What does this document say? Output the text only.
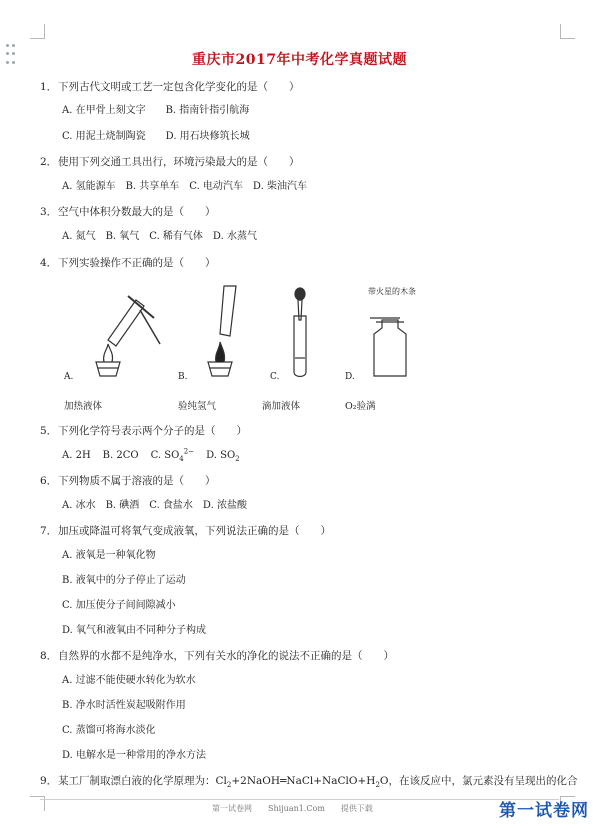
重庆市2017年中考化学真题试题
1．下列古代文明或工艺一定包含化学变化的是（　　）
A. 在甲骨上刻文字　　B. 指南针指引航海
C. 用泥土烧制陶瓷　　D. 用石块修筑长城
2．使用下列交通工具出行，环境污染最大的是（　　）
A. 氢能源车　B. 共享单车　C. 电动汽车　D. 柴油汽车
3．空气中体积分数最大的是（　　）
A. 氮气　B. 氧气　C. 稀有气体　D. 水蒸气
4．下列实验操作不正确的是（　　）
带火星的木条
A.	B.	C.	D.
加热液体	验纯氢气	滴加液体	O₂验满
5．下列化学符号表示两个分子的是（　　）
A. 2H B. 2CO C. $SO_4^{2-}$ D. $SO_2$
6．下列物质不属于溶液的是（　　）
A. 冰水　B. 碘酒　C. 食盐水　D. 浓盐酸
7．加压或降温可将氧气变成液氧，下列说法正确的是（　　）
A. 液氧是一种氧化物
B. 液氧中的分子停止了运动
C. 加压使分子间间隙减小
D. 氧气和液氧由不同种分子构成
8．自然界的水都不是纯净水，下列有关水的净化的说法不正确的是（　　）
A. 过滤不能使硬水转化为软水
B. 净水时活性炭起吸附作用
C. 蒸馏可将海水淡化
D. 电解水是一种常用的净水方法
9．某工厂制取漂白液的化学原理为：$Cl_2+2NaOH═NaCl+NaClO+H_2O$，在该反应中，氯元素没有呈现出的化合
第一试卷网 Shijuan1.Com 提供下载	第一试卷网
